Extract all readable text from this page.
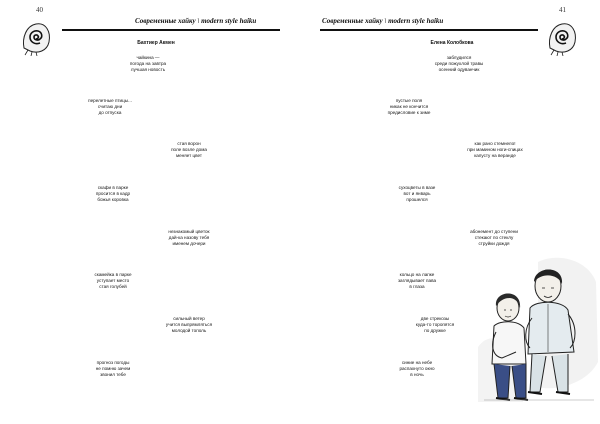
40
Современные хайку \ modern style haiku
Бахтиер Акмен
чайкина —
погода на завтра
лучшая новость
перелетные птицы...
считаю дни
до отпуска
стая ворон
поле возле дома
меняет цвет
скафи в парке
просится в кадр
божья коровка
незнакомый цветок
дай-ка назову тебя
именем дочери
скамейка в парке
уступает место
стая голубей
сильный ветер
учится выпрямляться
молодой тополь
прогноз погоды
не помню зачем
звонил тебе
41
Современные хайку \ modern style haiku
Елена Колобкова
заблудился
среди пожухлой травы
осенний одуванчик
пустые поля
никак не кончится
предисловие к зиме
как рано стемнело!
при мамином ноги-спицах
капусту на веранде
сухоцветы в вазе
вот и январь
прошелся
абонемент до ступени
стекают по стеклу
струйки дождя
кольцо на лапке
заглядывает пава
в глаза
две стрекозы
куда-то торопятся
по дружке
синие на небе
распахнуто окно
в ночь
